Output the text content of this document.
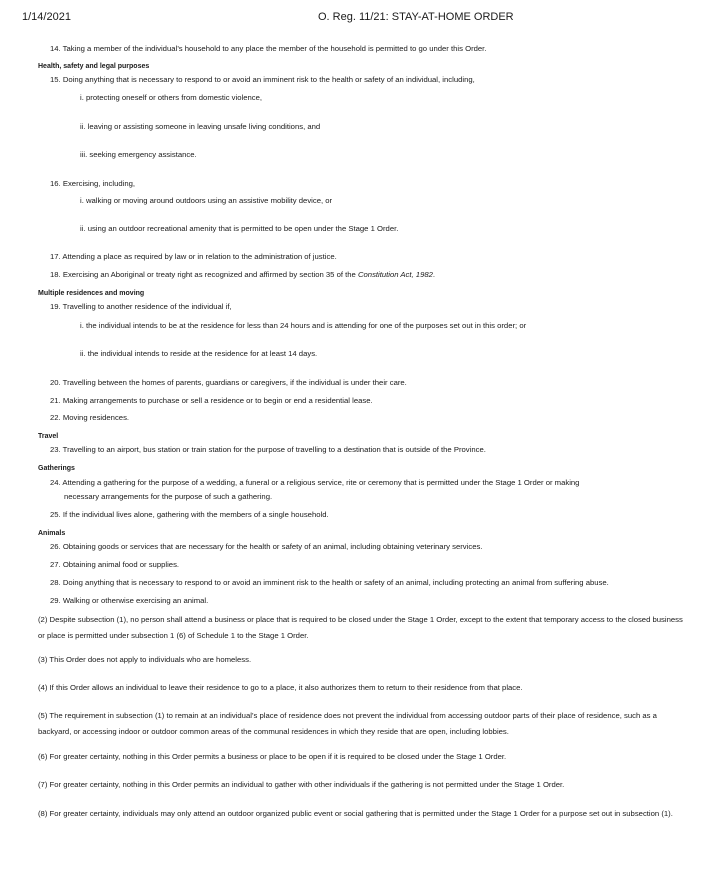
1/14/2021	O. Reg. 11/21: STAY-AT-HOME ORDER
14. Taking a member of the individual’s household to any place the member of the household is permitted to go under this Order.
Health, safety and legal purposes
15. Doing anything that is necessary to respond to or avoid an imminent risk to the health or safety of an individual, including,
i. protecting oneself or others from domestic violence,
ii. leaving or assisting someone in leaving unsafe living conditions, and
iii. seeking emergency assistance.
16. Exercising, including,
i. walking or moving around outdoors using an assistive mobility device, or
ii. using an outdoor recreational amenity that is permitted to be open under the Stage 1 Order.
17. Attending a place as required by law or in relation to the administration of justice.
18. Exercising an Aboriginal or treaty right as recognized and affirmed by section 35 of the Constitution Act, 1982.
Multiple residences and moving
19. Travelling to another residence of the individual if,
i. the individual intends to be at the residence for less than 24 hours and is attending for one of the purposes set out in this order; or
ii. the individual intends to reside at the residence for at least 14 days.
20. Travelling between the homes of parents, guardians or caregivers, if the individual is under their care.
21. Making arrangements to purchase or sell a residence or to begin or end a residential lease.
22. Moving residences.
Travel
23. Travelling to an airport, bus station or train station for the purpose of travelling to a destination that is outside of the Province.
Gatherings
24. Attending a gathering for the purpose of a wedding, a funeral or a religious service, rite or ceremony that is permitted under the Stage 1 Order or making
necessary arrangements for the purpose of such a gathering.
25. If the individual lives alone, gathering with the members of a single household.
Animals
26. Obtaining goods or services that are necessary for the health or safety of an animal, including obtaining veterinary services.
27. Obtaining animal food or supplies.
28. Doing anything that is necessary to respond to or avoid an imminent risk to the health or safety of an animal, including protecting an animal from suffering abuse.
29. Walking or otherwise exercising an animal.
(2) Despite subsection (1), no person shall attend a business or place that is required to be closed under the Stage 1 Order, except to the extent that temporary access to the closed business or place is permitted under subsection 1 (6) of Schedule 1 to the Stage 1 Order.
(3) This Order does not apply to individuals who are homeless.
(4) If this Order allows an individual to leave their residence to go to a place, it also authorizes them to return to their residence from that place.
(5) The requirement in subsection (1) to remain at an individual’s place of residence does not prevent the individual from accessing outdoor parts of their place of residence, such as a backyard, or accessing indoor or outdoor common areas of the communal residences in which they reside that are open, including lobbies.
(6) For greater certainty, nothing in this Order permits a business or place to be open if it is required to be closed under the Stage 1 Order.
(7) For greater certainty, nothing in this Order permits an individual to gather with other individuals if the gathering is not permitted under the Stage 1 Order.
(8) For greater certainty, individuals may only attend an outdoor organized public event or social gathering that is permitted under the Stage 1 Order for a purpose set out in subsection (1).
